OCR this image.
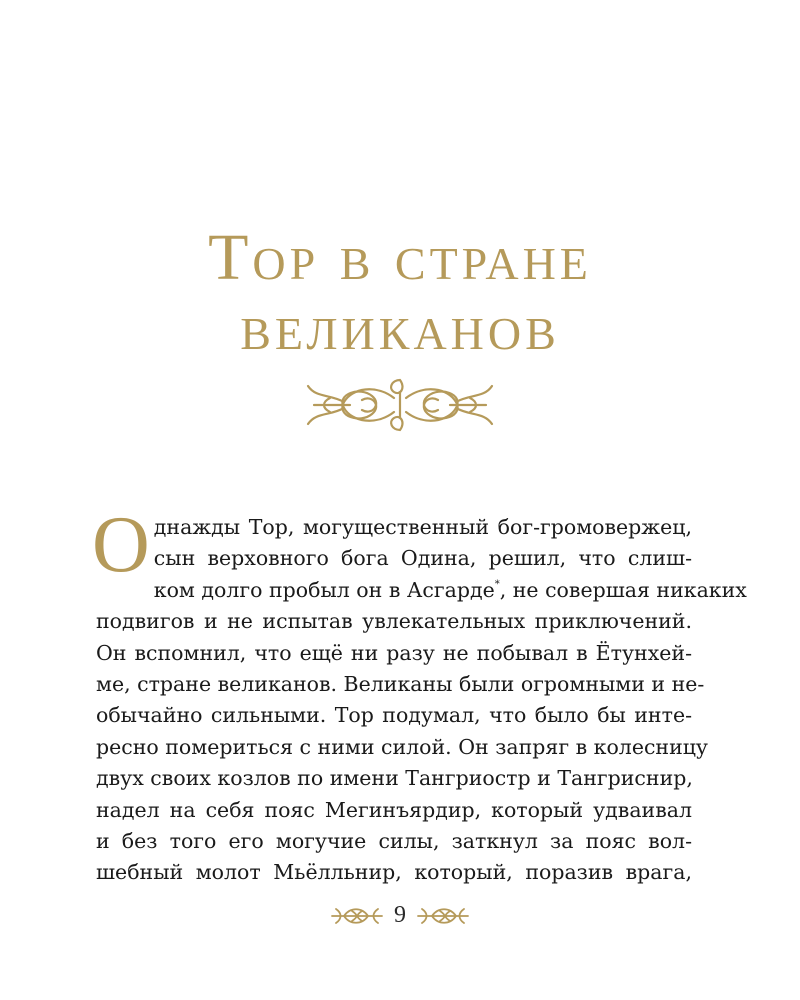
Тор в стране
великанов
О днажды Тор, могущественный бог-громовержец,
сын верховного бога Одина, решил, что слиш-
ком долго пробыл он в Асгарде*, не совершая никаких
подвигов и не испытав увлекательных приключений.
Он вспомнил, что ещё ни разу не побывал в Ётунхей-
ме, стране великанов. Великаны были огромными и не-
обычайно сильными. Тор подумал, что было бы инте-
ресно помериться с ними силой. Он запряг в колесницу
двух своих козлов по имени Тангриостр и Тангриснир,
надел на себя пояс Мегинъярдир, который удваивал
и без того его могучие силы, заткнул за пояс вол-
шебный молот Мьёлльнир, который, поразив врага,
9
